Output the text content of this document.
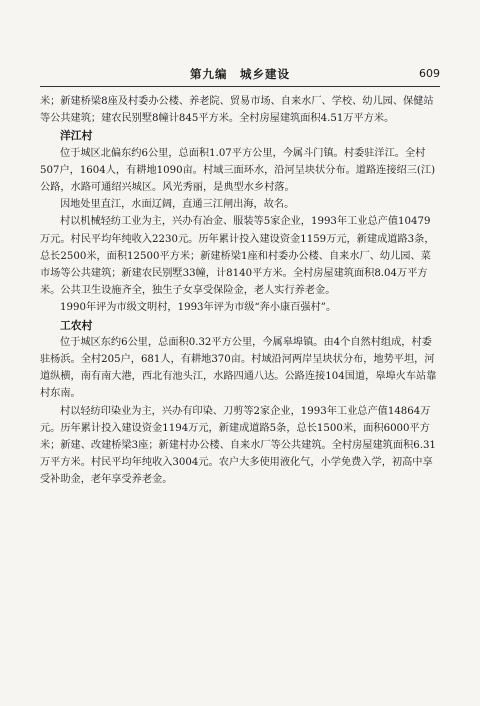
第九编　城乡建设	609

米；新建桥梁8座及村委办公楼、养老院、贸易市场、自来水厂、学校、幼儿园、保健站等公共建筑；建农民别墅8幢计845平方米。全村房屋建筑面积4.51万平方米。

洋江村

位于城区北偏东约6公里，总面积1.07平方公里，今属斗门镇。村委驻洋江。全村507户，1604人，有耕地1090亩。村域三面环水，沿河呈块状分布。道路连接绍三(江)公路，水路可通绍兴城区。风光秀丽，是典型水乡村落。

因地处里直江，水面辽阔，直通三江闸出海，故名。

村以机械轻纺工业为主，兴办有冶金、服装等5家企业，1993年工业总产值10479万元。村民平均年纯收入2230元。历年累计投入建设资金1159万元，新建成道路3条，总长2500米，面积12500平方米；新建桥梁1座和村委办公楼、自来水厂、幼儿园、菜市场等公共建筑；新建农民别墅33幢，计8140平方米。全村房屋建筑面积8.04万平方米。公共卫生设施齐全，独生子女享受保险金，老人实行养老金。

1990年评为市级文明村，1993年评为市级“奔小康百强村”。

工农村

位于城区东约6公里，总面积0.32平方公里，今属皋埠镇。由4个自然村组成，村委驻杨浜。全村205户，681人，有耕地370亩。村域沿河两岸呈块状分布，地势平坦，河道纵横，南有南大港，西北有池头江，水路四通八达。公路连接104国道，皋埠火车站靠村东南。

村以轻纺印染业为主，兴办有印染、刀剪等2家企业，1993年工业总产值14864万元。历年累计投入建设资金1194万元，新建成道路5条，总长1500米，面积6000平方米；新建、改建桥梁3座；新建村办公楼、自来水厂等公共建筑。全村房屋建筑面积6.31万平方米。村民平均年纯收入3004元。农户大多使用液化气，小学免费入学，初高中享受补助金，老年享受养老金。
